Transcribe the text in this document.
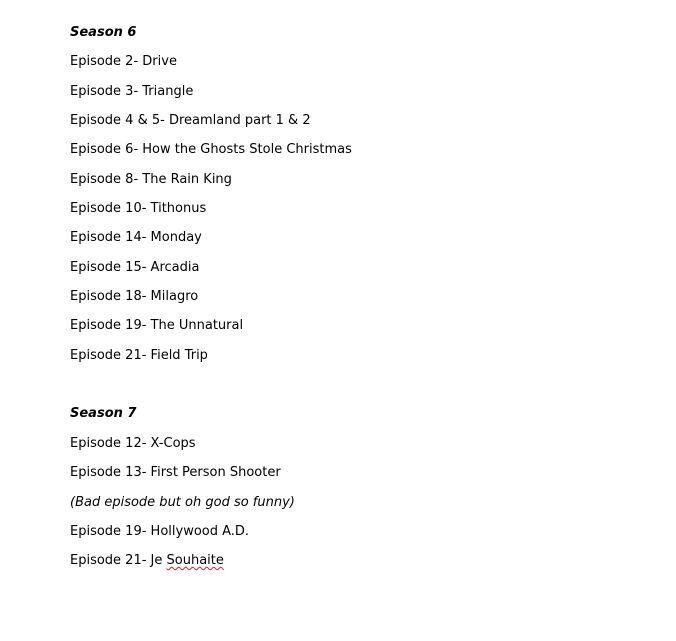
Season 6
Episode 2- Drive
Episode 3- Triangle
Episode 4 & 5- Dreamland part 1 & 2
Episode 6- How the Ghosts Stole Christmas
Episode 8- The Rain King
Episode 10- Tithonus
Episode 14- Monday
Episode 15- Arcadia
Episode 18- Milagro
Episode 19- The Unnatural
Episode 21- Field Trip
Season 7
Episode 12- X-Cops
Episode 13- First Person Shooter
(Bad episode but oh god so funny)
Episode 19- Hollywood A.D.
Episode 21- Je Souhaite
